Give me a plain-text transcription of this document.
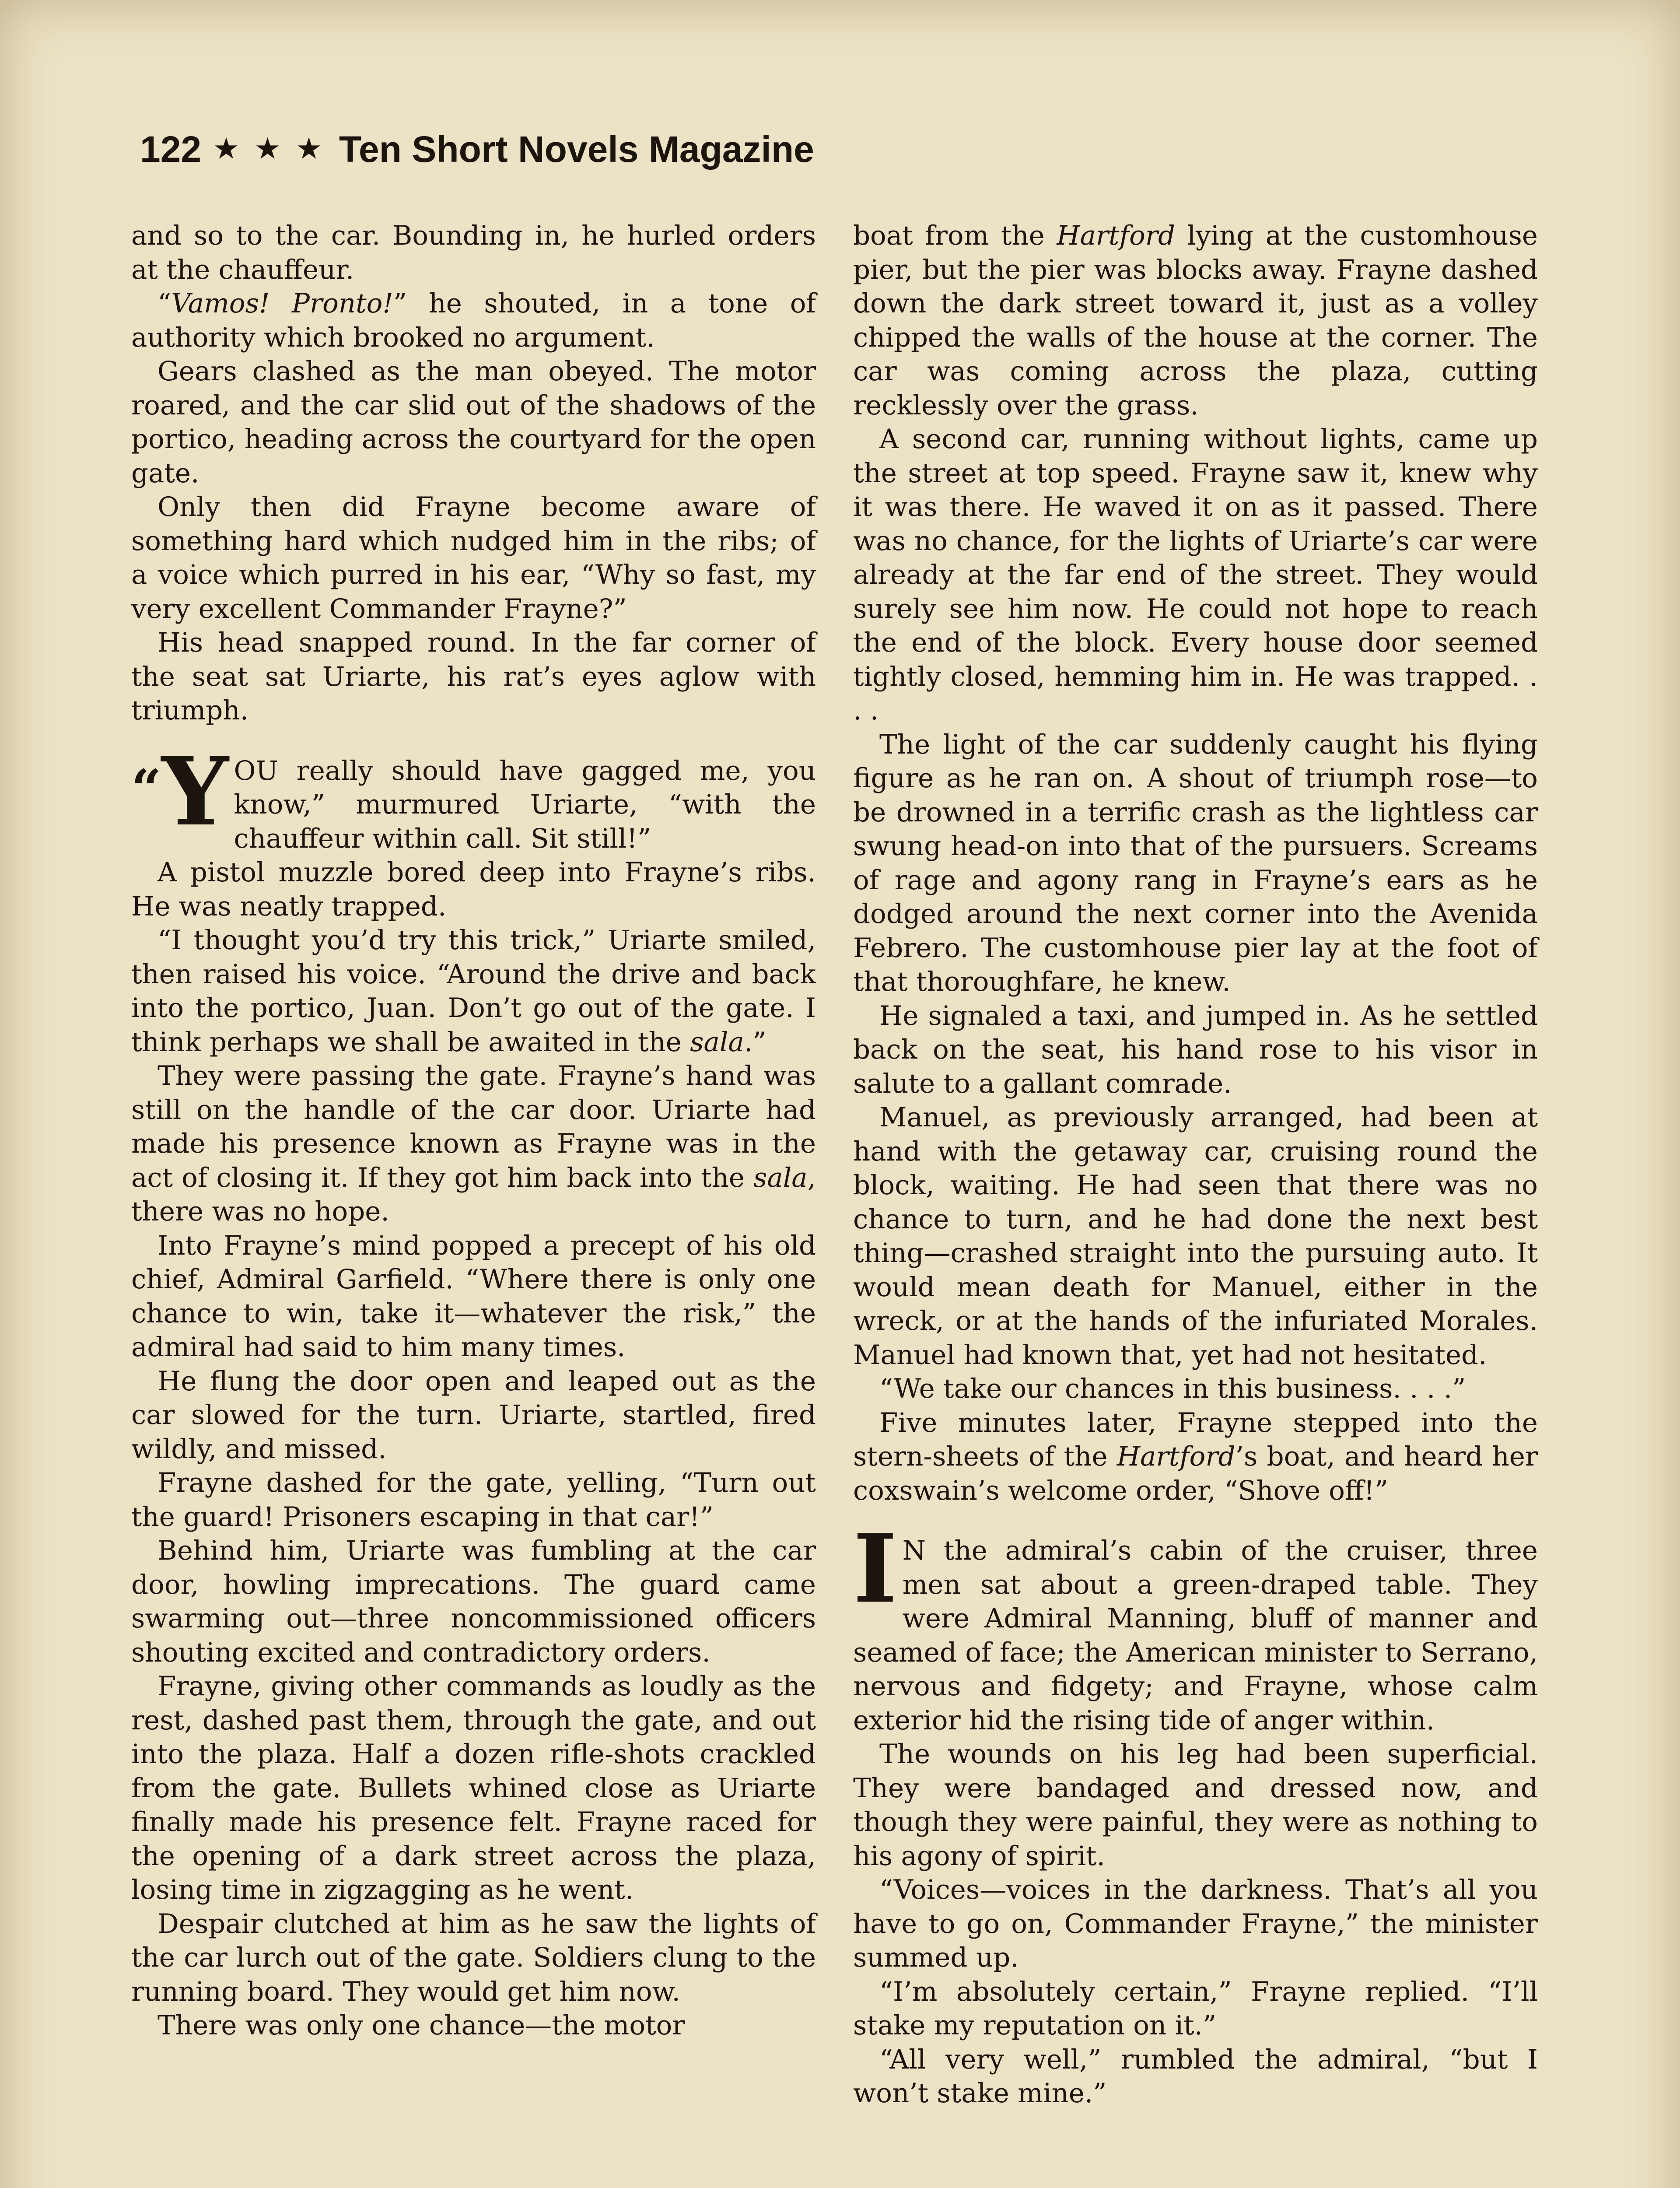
122 ★ ★ ★ Ten Short Novels Magazine

and so to the car. Bounding in, he hurled orders at the chauffeur.

“Vamos! Pronto!” he shouted, in a tone of authority which brooked no argument.

Gears clashed as the man obeyed. The motor roared, and the car slid out of the shadows of the portico, heading across the courtyard for the open gate.

Only then did Frayne become aware of something hard which nudged him in the ribs; of a voice which purred in his ear, “Why so fast, my very excellent Commander Frayne?”

His head snapped round. In the far corner of the seat sat Uriarte, his rat’s eyes aglow with triumph.

“Y OU really should have gagged me, you know,” murmured Uriarte, “with the chauffeur within call. Sit still!”

A pistol muzzle bored deep into Frayne’s ribs. He was neatly trapped.

“I thought you’d try this trick,” Uriarte smiled, then raised his voice. “Around the drive and back into the portico, Juan. Don’t go out of the gate. I think perhaps we shall be awaited in the sala.”

They were passing the gate. Frayne’s hand was still on the handle of the car door. Uriarte had made his presence known as Frayne was in the act of closing it. If they got him back into the sala, there was no hope.

Into Frayne’s mind popped a precept of his old chief, Admiral Garfield. “Where there is only one chance to win, take it—whatever the risk,” the admiral had said to him many times.

He flung the door open and leaped out as the car slowed for the turn. Uriarte, startled, fired wildly, and missed.

Frayne dashed for the gate, yelling, “Turn out the guard! Prisoners escaping in that car!”

Behind him, Uriarte was fumbling at the car door, howling imprecations. The guard came swarming out—three noncommissioned officers shouting excited and contradictory orders.

Frayne, giving other commands as loudly as the rest, dashed past them, through the gate, and out into the plaza. Half a dozen rifle-shots crackled from the gate. Bullets whined close as Uriarte finally made his presence felt. Frayne raced for the opening of a dark street across the plaza, losing time in zigzagging as he went.

Despair clutched at him as he saw the lights of the car lurch out of the gate. Soldiers clung to the running board. They would get him now.

There was only one chance—the motor

boat from the Hartford lying at the customhouse pier, but the pier was blocks away. Frayne dashed down the dark street toward it, just as a volley chipped the walls of the house at the corner. The car was coming across the plaza, cutting recklessly over the grass.

A second car, running without lights, came up the street at top speed. Frayne saw it, knew why it was there. He waved it on as it passed. There was no chance, for the lights of Uriarte’s car were already at the far end of the street. They would surely see him now. He could not hope to reach the end of the block. Every house door seemed tightly closed, hemming him in. He was trapped. . . .

The light of the car suddenly caught his flying figure as he ran on. A shout of triumph rose—to be drowned in a terrific crash as the lightless car swung head-on into that of the pursuers. Screams of rage and agony rang in Frayne’s ears as he dodged around the next corner into the Avenida Febrero. The customhouse pier lay at the foot of that thoroughfare, he knew.

He signaled a taxi, and jumped in. As he settled back on the seat, his hand rose to his visor in salute to a gallant comrade.

Manuel, as previously arranged, had been at hand with the getaway car, cruising round the block, waiting. He had seen that there was no chance to turn, and he had done the next best thing—crashed straight into the pursuing auto. It would mean death for Manuel, either in the wreck, or at the hands of the infuriated Morales. Manuel had known that, yet had not hesitated.

“We take our chances in this business. . . .”

Five minutes later, Frayne stepped into the stern-sheets of the Hartford’s boat, and heard her coxswain’s welcome order, “Shove off!”

I N the admiral’s cabin of the cruiser, three men sat about a green-draped table. They were Admiral Manning, bluff of manner and seamed of face; the American minister to Serrano, nervous and fidgety; and Frayne, whose calm exterior hid the rising tide of anger within.

The wounds on his leg had been superficial. They were bandaged and dressed now, and though they were painful, they were as nothing to his agony of spirit.

“Voices—voices in the darkness. That’s all you have to go on, Commander Frayne,” the minister summed up.

“I’m absolutely certain,” Frayne replied. “I’ll stake my reputation on it.”

“All very well,” rumbled the admiral, “but I won’t stake mine.”
